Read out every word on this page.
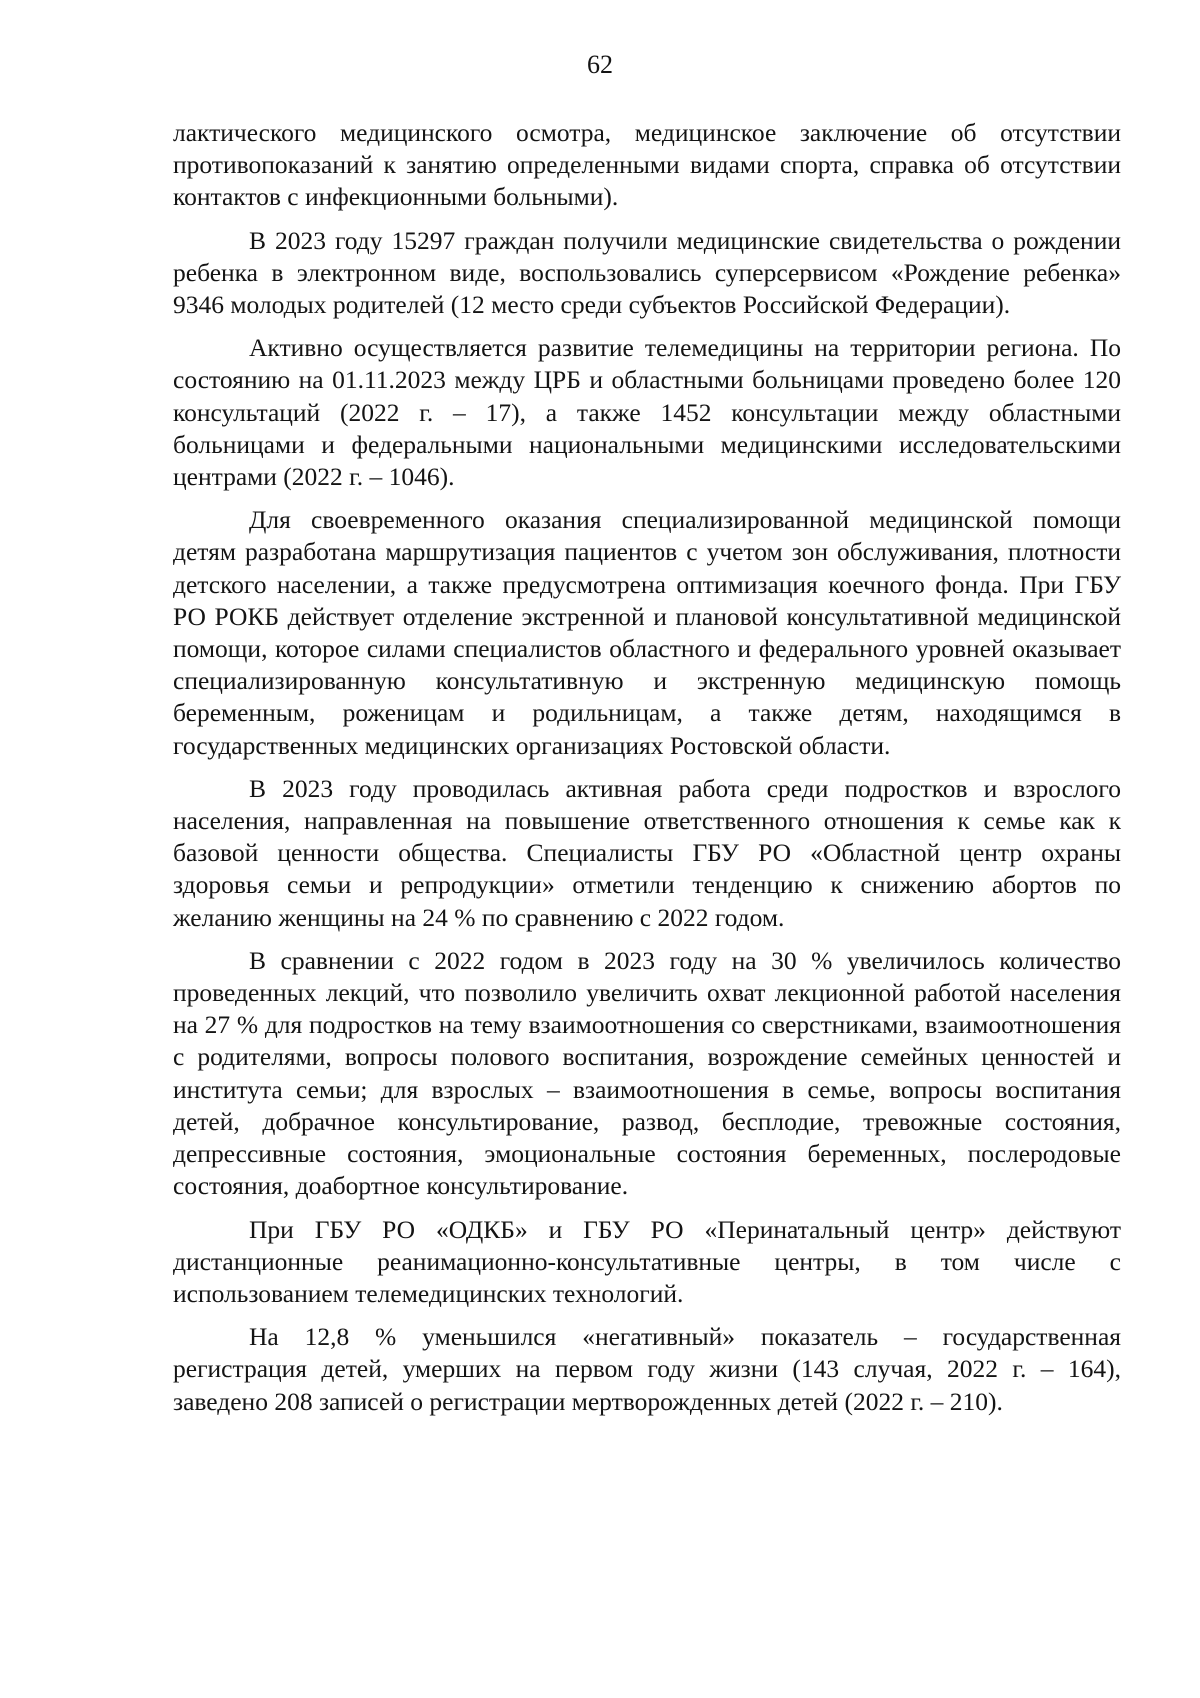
62

лактического медицинского осмотра, медицинское заключение об отсутствии противопоказаний к занятию определенными видами спорта, справка об отсутствии контактов с инфекционными больными).

В 2023 году 15297 граждан получили медицинские свидетельства о рождении ребенка в электронном виде, воспользовались суперсервисом «Рождение ребенка» 9346 молодых родителей (12 место среди субъектов Российской Федерации).

Активно осуществляется развитие телемедицины на территории региона. По состоянию на 01.11.2023 между ЦРБ и областными больницами проведено более 120 консультаций (2022 г. – 17), а также 1452 консультации между областными больницами и федеральными национальными медицинскими исследовательскими центрами (2022 г. – 1046).

Для своевременного оказания специализированной медицинской помощи детям разработана маршрутизация пациентов с учетом зон обслуживания, плотности детского населении, а также предусмотрена оптимизация коечного фонда. При ГБУ РО РОКБ действует отделение экстренной и плановой консультативной медицинской помощи, которое силами специалистов областного и федерального уровней оказывает специализированную консультативную и экстренную медицинскую помощь беременным, роженицам и родильницам, а также детям, находящимся в государственных медицинских организациях Ростовской области.

В 2023 году проводилась активная работа среди подростков и взрослого населения, направленная на повышение ответственного отношения к семье как к базовой ценности общества. Специалисты ГБУ РО «Областной центр охраны здоровья семьи и репродукции» отметили тенденцию к снижению абортов по желанию женщины на 24 % по сравнению с 2022 годом.

В сравнении с 2022 годом в 2023 году на 30 % увеличилось количество проведенных лекций, что позволило увеличить охват лекционной работой населения на 27 % для подростков на тему взаимоотношения со сверстниками, взаимоотношения с родителями, вопросы полового воспитания, возрождение семейных ценностей и института семьи; для взрослых – взаимоотношения в семье, вопросы воспитания детей, добрачное консультирование, развод, бесплодие, тревожные состояния, депрессивные состояния, эмоциональные состояния беременных, послеродовые состояния, доабортное консультирование.

При ГБУ РО «ОДКБ» и ГБУ РО «Перинатальный центр» действуют дистанционные реанимационно-консультативные центры, в том числе с использованием телемедицинских технологий.

На 12,8 % уменьшился «негативный» показатель – государственная регистрация детей, умерших на первом году жизни (143 случая, 2022 г. – 164), заведено 208 записей о регистрации мертворожденных детей (2022 г. – 210).
